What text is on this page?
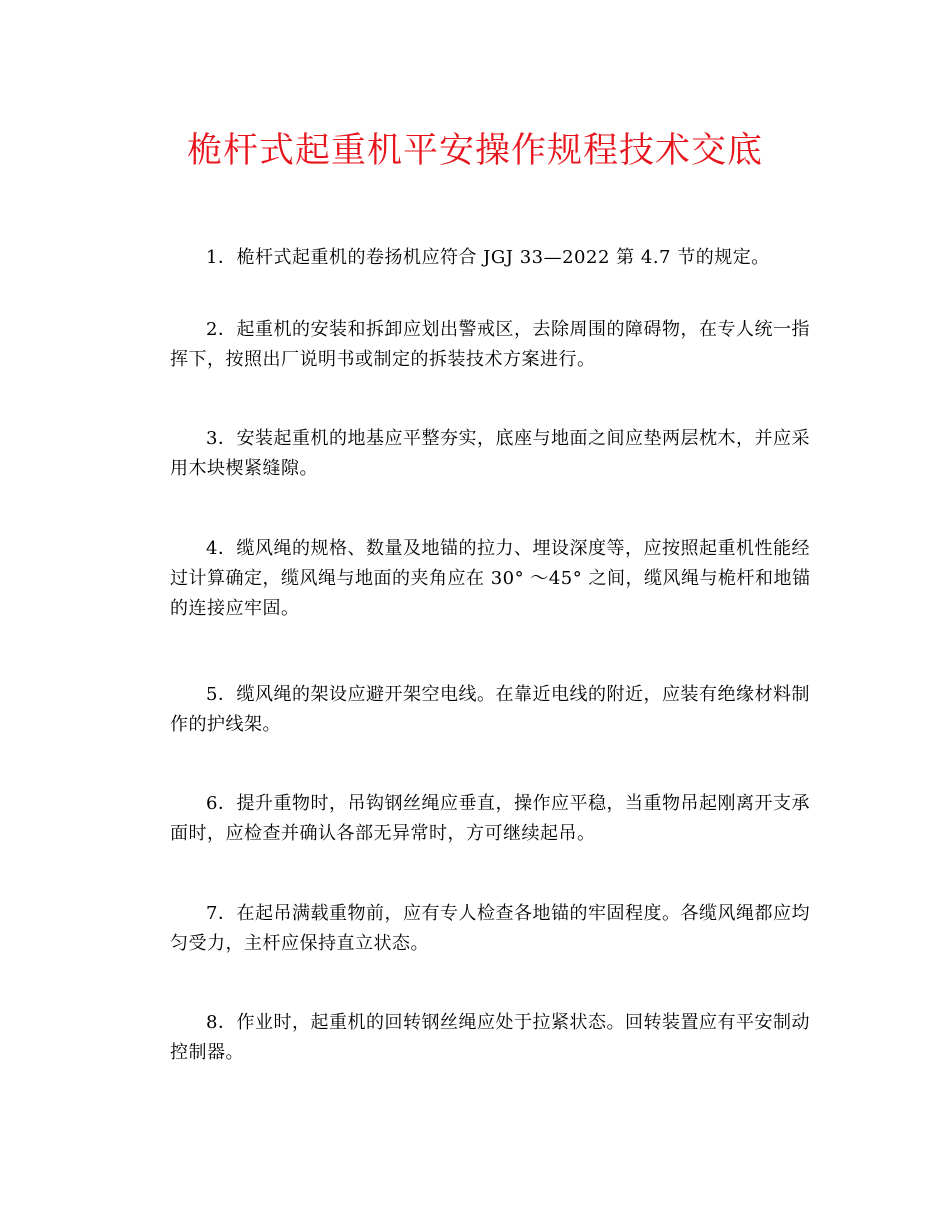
桅杆式起重机平安操作规程技术交底

1．桅杆式起重机的卷扬机应符合 JGJ 33—2022 第 4.7 节的规定。

2．起重机的安装和拆卸应划出警戒区，去除周围的障碍物，在专人统一指挥下，按照出厂说明书或制定的拆装技术方案进行。

3．安装起重机的地基应平整夯实，底座与地面之间应垫两层枕木，并应采用木块楔紧缝隙。

4．缆风绳的规格、数量及地锚的拉力、埋设深度等，应按照起重机性能经过计算确定，缆风绳与地面的夹角应在 30° ～45° 之间，缆风绳与桅杆和地锚的连接应牢固。

5．缆风绳的架设应避开架空电线。在靠近电线的附近，应装有绝缘材料制作的护线架。

6．提升重物时，吊钩钢丝绳应垂直，操作应平稳，当重物吊起刚离开支承面时，应检查并确认各部无异常时，方可继续起吊。

7．在起吊满载重物前，应有专人检查各地锚的牢固程度。各缆风绳都应均匀受力，主杆应保持直立状态。

8．作业时，起重机的回转钢丝绳应处于拉紧状态。回转装置应有平安制动控制器。
